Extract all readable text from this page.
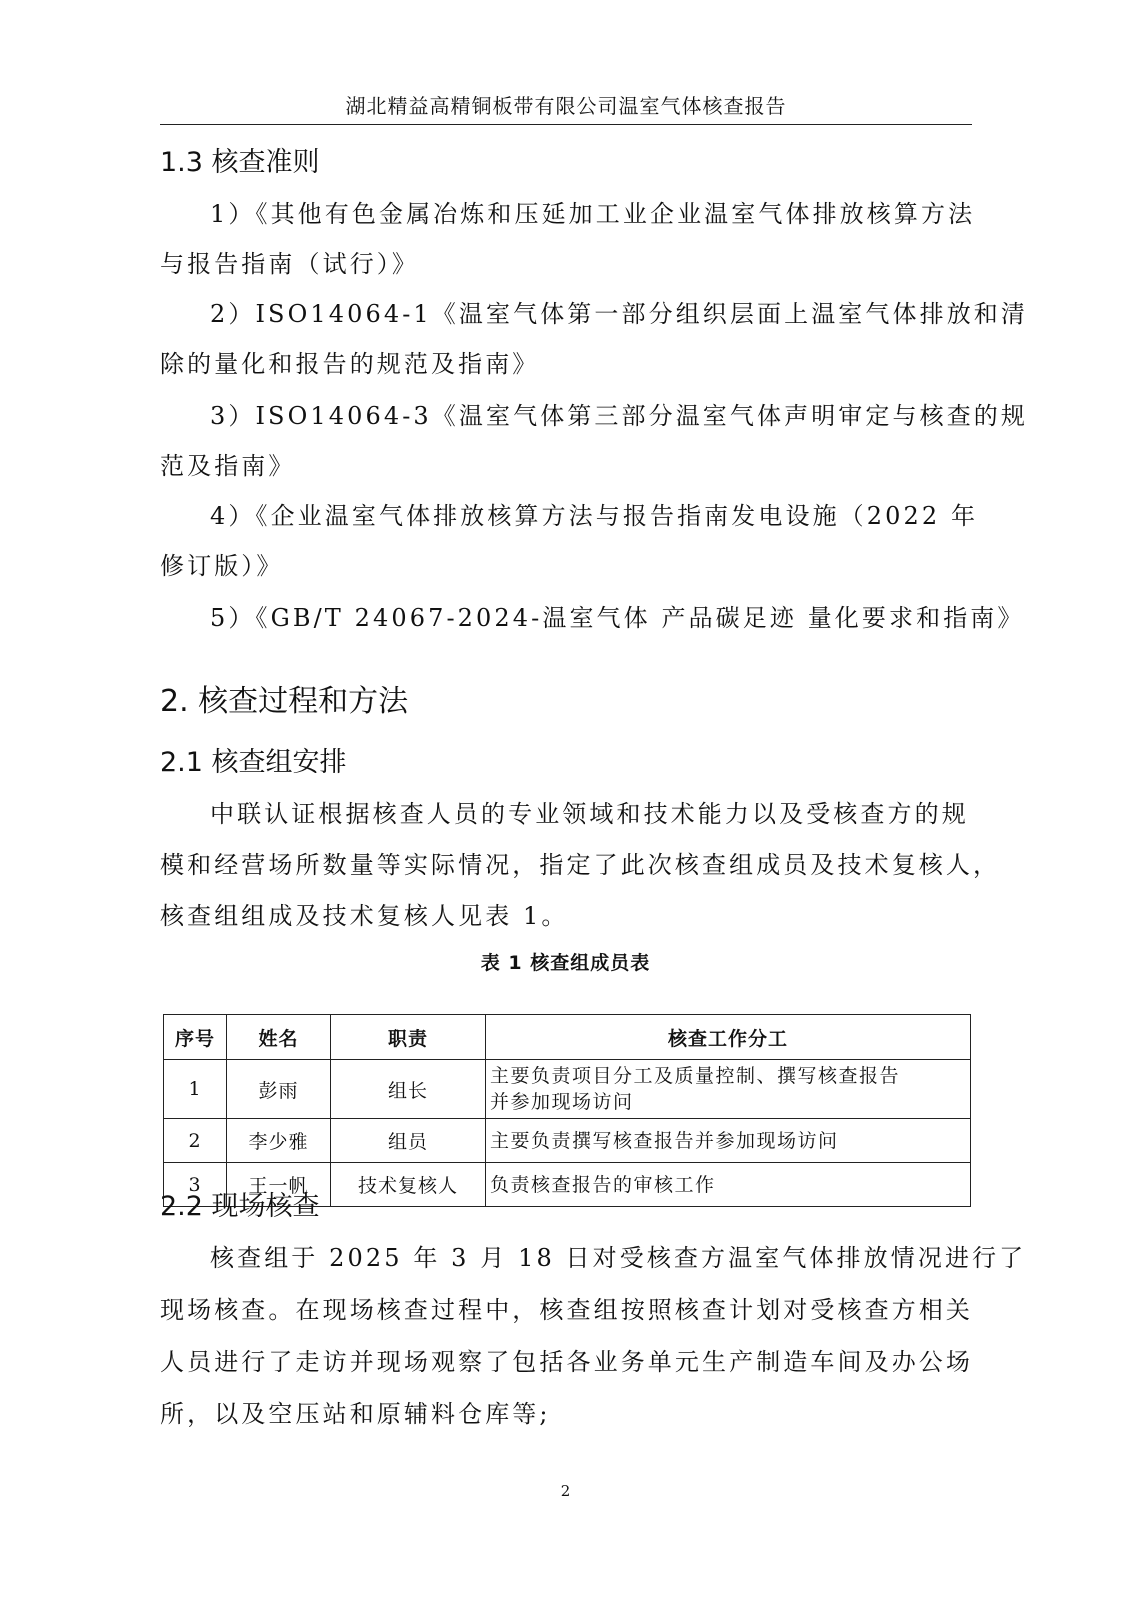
湖北精益高精铜板带有限公司温室气体核查报告
1.3 核查准则
1）《其他有色金属冶炼和压延加工业企业温室气体排放核算方法
与报告指南（试行）》
2）ISO14064-1《温室气体第一部分组织层面上温室气体排放和清
除的量化和报告的规范及指南》
3）ISO14064-3《温室气体第三部分温室气体声明审定与核查的规
范及指南》
4）《企业温室气体排放核算方法与报告指南发电设施（2022 年
修订版）》
5）《GB/T 24067-2024-温室气体 产品碳足迹 量化要求和指南》
2. 核查过程和方法
2.1 核查组安排
中联认证根据核查人员的专业领域和技术能力以及受核查方的规
模和经营场所数量等实际情况，指定了此次核查组成员及技术复核人，
核查组组成及技术复核人见表 1。
表 1 核查组成员表
序号	姓名	职责	核查工作分工
1	彭雨	组长	主要负责项目分工及质量控制、撰写核查报告
并参加现场访问

2	李少雅	组员	主要负责撰写核查报告并参加现场访问

3	王一帆	技术复核人	负责核查报告的审核工作
2.2 现场核查
核查组于 2025 年 3 月 18 日对受核查方温室气体排放情况进行了
现场核查。在现场核查过程中，核查组按照核查计划对受核查方相关
人员进行了走访并现场观察了包括各业务单元生产制造车间及办公场
所，以及空压站和原辅料仓库等;
2
